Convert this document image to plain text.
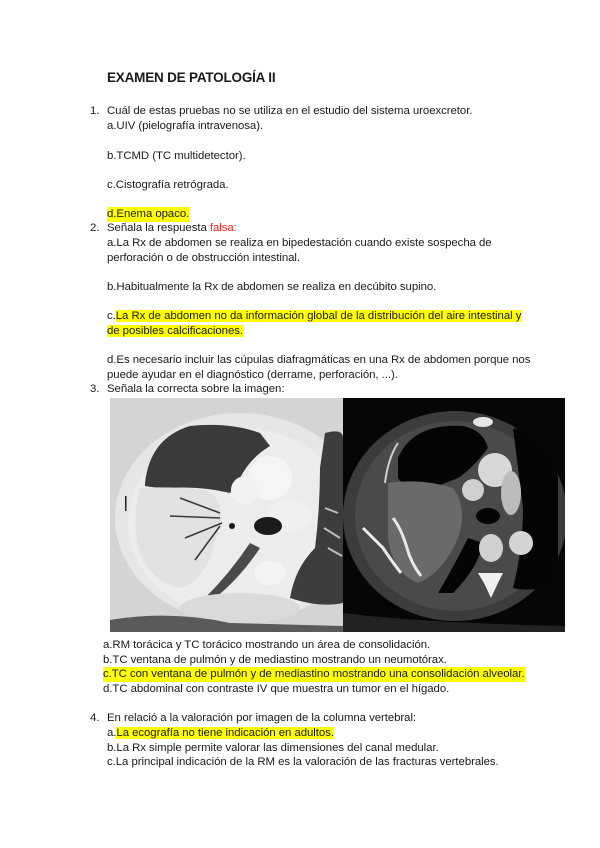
EXAMEN DE PATOLOGÍA II
1. Cuál de estas pruebas no se utiliza en el estudio del sistema uroexcretor.
a.UIV (pielografía intravenosa).
b.TCMD (TC multidetector).
c.Cistografía retrógrada.
d.Enema opaco.
2. Señala la respuesta falsa:
a.La Rx de abdomen se realiza en bipedestación cuando existe sospecha de
perforación o de obstrucción intestinal.
b.Habitualmente la Rx de abdomen se realiza en decúbito supino.
c.La Rx de abdomen no da información global de la distribución del aire intestinal y
de posibles calcificaciones.
d.Es necesario incluir las cúpulas diafragmáticas en una Rx de abdomen porque nos
puede ayudar en el diagnóstico (derrame, perforación, ...).
3. Señala la correcta sobre la imagen:
a.RM torácica y TC torácico mostrando un área de consolidación.
b.TC ventana de pulmón y de mediastino mostrando un neumotórax.
c.TC con ventana de pulmón y de mediastino mostrando una consolidación alveolar.
d.TC abdominal con contraste IV que muestra un tumor en el hígado.
4. En relació a la valoración por imagen de la columna vertebral:
a.La ecografía no tiene indicación en adultos.
b.La Rx simple permite valorar las dimensiones del canal medular.
c.La principal indicación de la RM es la valoración de las fracturas vertebrales.
